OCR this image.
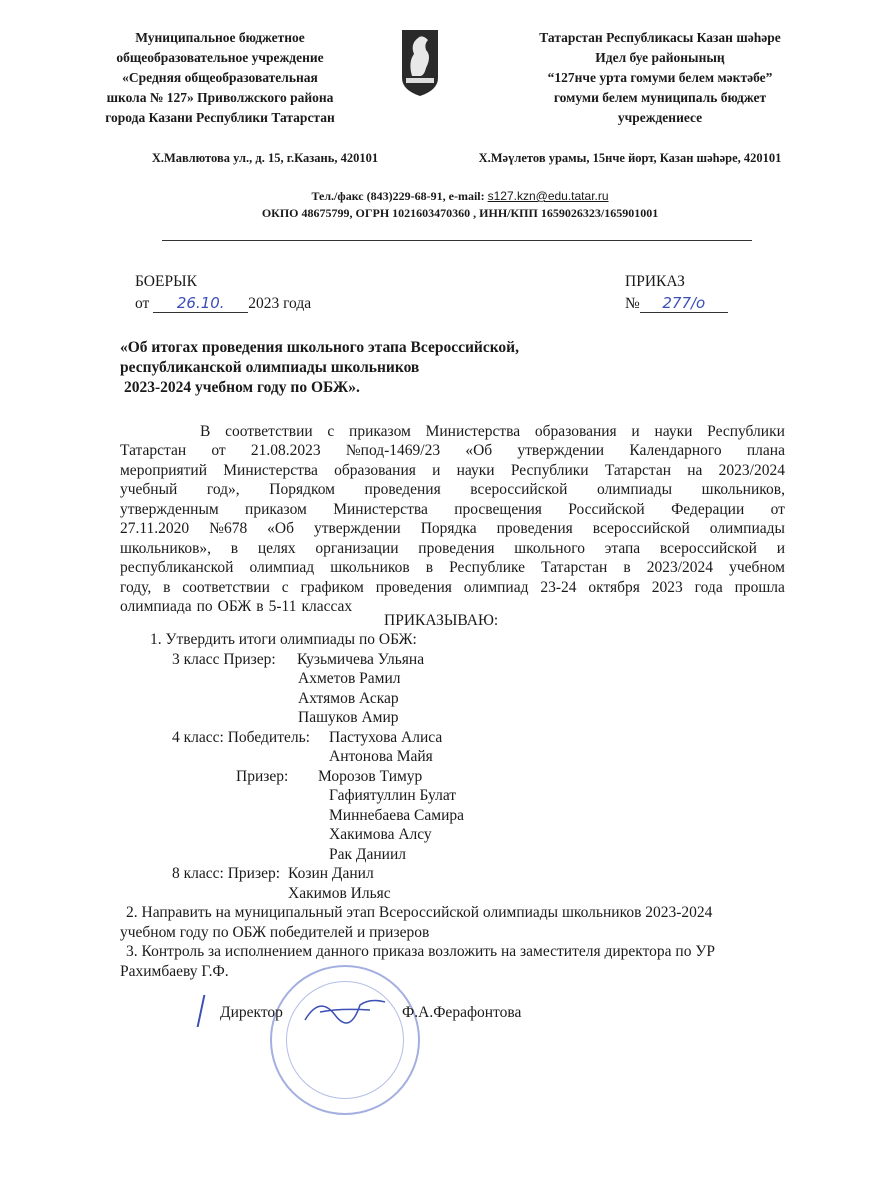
Муниципальное бюджетное
общеобразовательное учреждение
«Средняя общеобразовательная
школа № 127» Приволжского района
города Казани Республики Татарстан
Татарстан Республикасы Казан шәһәре
Идел буе районының
“127нче урта гомуми белем мәктәбе”
гомуми белем муниципаль бюджет
учреждениесе
Х.Мавлютова ул., д. 15, г.Казань, 420101	Х.Мәүлетов урамы, 15нче йорт, Казан шәһәре, 420101
Тел./факс (843)229-68-91, e-mail: s127.kzn@edu.tatar.ru
ОКПО 48675799, ОГРН 1021603470360 , ИНН/КПП 1659026323/165901001
БОЕРЫК	ПРИКАЗ
от 26.10. 2023 года	№ 277/о
«Об итогах проведения школьного этапа Всероссийской,
республиканской олимпиады школьников
2023-2024 учебном году по ОБЖ».
В соответствии с приказом Министерства образования и науки Республики
Татарстан от 21.08.2023 №под-1469/23 «Об утверждении Календарного плана
мероприятий Министерства образования и науки Республики Татарстан на 2023/2024
учебный год», Порядком проведения всероссийской олимпиады школьников,
утвержденным приказом Министерства просвещения Российской Федерации от
27.11.2020 №678 «Об утверждении Порядка проведения всероссийской олимпиады
школьников», в целях организации проведения школьного этапа всероссийской и
республиканской олимпиад школьников в Республике Татарстан в 2023/2024 учебном
году, в соответствии с графиком проведения олимпиад 23-24 октября 2023 года прошла
олимпиада по ОБЖ в 5-11 классах
ПРИКАЗЫВАЮ:
1. Утвердить итоги олимпиады по ОБЖ:
3 класс Призер: Кузьмичева Ульяна
Ахметов Рамил
Ахтямов Аскар
Пашуков Амир
4 класс: Победитель: Пастухова Алиса
Антонова Майя
Призер: Морозов Тимур
Гафиятуллин Булат
Миннебаева Самира
Хакимова Алсу
Рак Даниил
8 класс: Призер: Козин Данил
Хакимов Ильяс
2. Направить на муниципальный этап Всероссийской олимпиады школьников 2023-2024
учебном году по ОБЖ победителей и призеров
3. Контроль за исполнением данного приказа возложить на заместителя директора по УР
Рахимбаеву Г.Ф.
Директор	Ф.А.Ферафонтова
